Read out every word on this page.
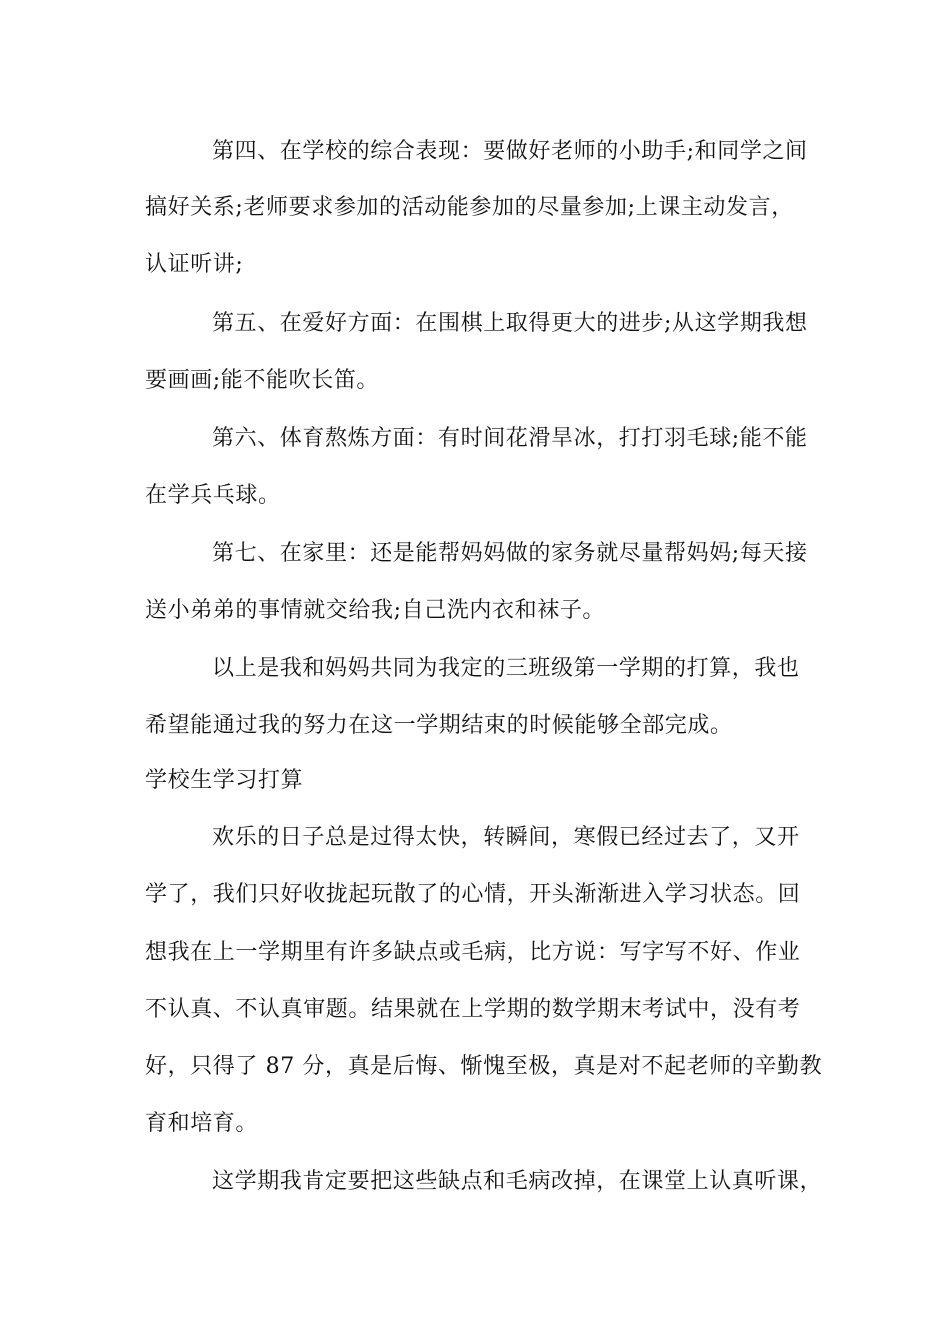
第四、在学校的综合表现：要做好老师的小助手;和同学之间
搞好关系;老师要求参加的活动能参加的尽量参加;上课主动发言，
认证听讲;
第五、在爱好方面：在围棋上取得更大的进步;从这学期我想
要画画;能不能吹长笛。
第六、体育熬炼方面：有时间花滑旱冰，打打羽毛球;能不能
在学兵乓球。
第七、在家里：还是能帮妈妈做的家务就尽量帮妈妈;每天接
送小弟弟的事情就交给我;自己洗内衣和袜子。
以上是我和妈妈共同为我定的三班级第一学期的打算，我也
希望能通过我的努力在这一学期结束的时候能够全部完成。
学校生学习打算
欢乐的日子总是过得太快，转瞬间，寒假已经过去了，又开
学了，我们只好收拢起玩散了的心情，开头渐渐进入学习状态。回
想我在上一学期里有许多缺点或毛病，比方说：写字写不好、作业
不认真、不认真审题。结果就在上学期的数学期末考试中，没有考
好，只得了 87 分，真是后悔、惭愧至极，真是对不起老师的辛勤教
育和培育。
这学期我肯定要把这些缺点和毛病改掉，在课堂上认真听课，
